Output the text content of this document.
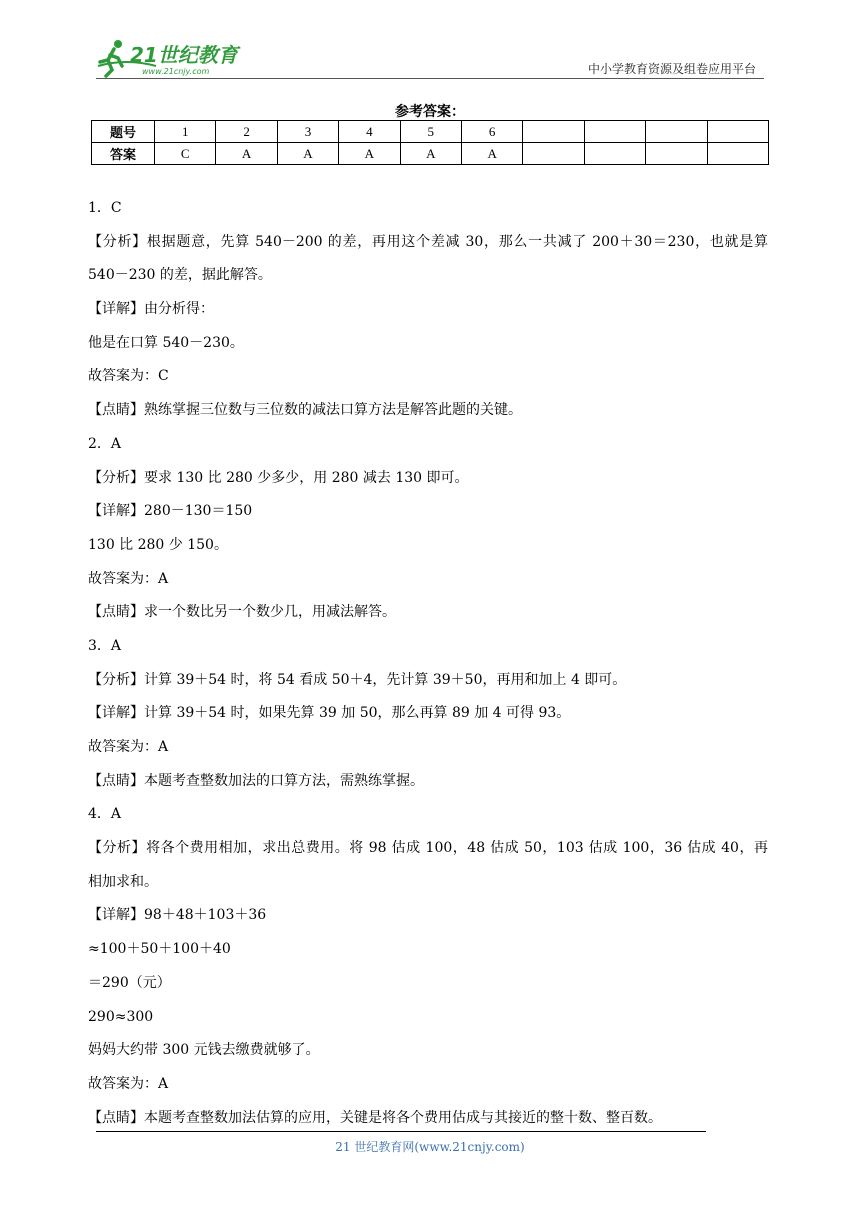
21世纪教育
www.21cnjy.com	中小学教育资源及组卷应用平台
参考答案：
题号	1	2	3	4	5	6				
答案	C	A	A	A	A	A				
1．C
【分析】根据题意，先算 540－200 的差，再用这个差减 30，那么一共减了 200＋30＝230，也就是算
540－230 的差，据此解答。
【详解】由分析得：
他是在口算 540－230。
故答案为：C
【点睛】熟练掌握三位数与三位数的减法口算方法是解答此题的关键。
2．A
【分析】要求 130 比 280 少多少，用 280 减去 130 即可。
【详解】280－130＝150
130 比 280 少 150。
故答案为：A
【点睛】求一个数比另一个数少几，用减法解答。
3．A
【分析】计算 39＋54 时，将 54 看成 50＋4，先计算 39＋50，再用和加上 4 即可。
【详解】计算 39＋54 时，如果先算 39 加 50，那么再算 89 加 4 可得 93。
故答案为：A
【点睛】本题考查整数加法的口算方法，需熟练掌握。
4．A
【分析】将各个费用相加，求出总费用。将 98 估成 100，48 估成 50，103 估成 100，36 估成 40，再
相加求和。
【详解】98＋48＋103＋36
≈100＋50＋100＋40
＝290（元）
290≈300
妈妈大约带 300 元钱去缴费就够了。
故答案为：A
【点睛】本题考查整数加法估算的应用，关键是将各个费用估成与其接近的整十数、整百数。
21 世纪教育网(www.21cnjy.com)
